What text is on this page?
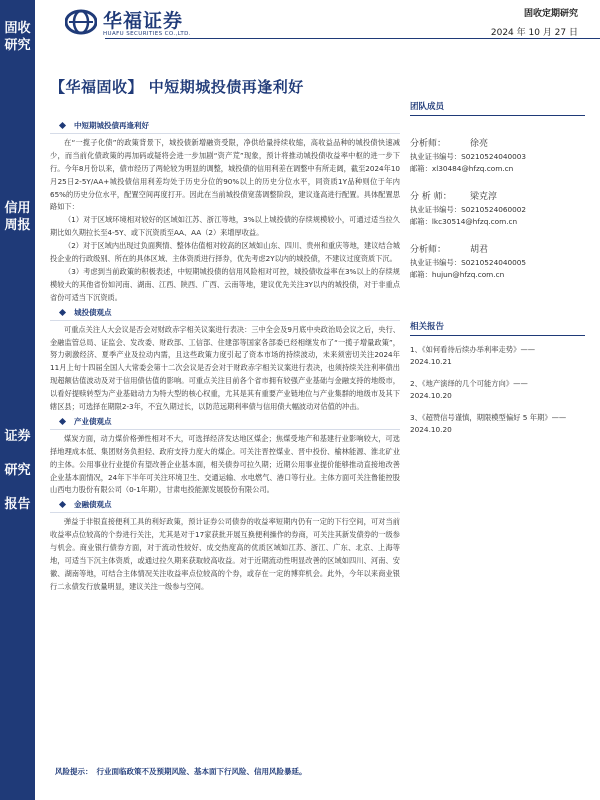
固收研究
信用周报
证券研究报告
华福证券
HUAFU SECURITIES CO.,LTD.
固收定期研究
2024 年 10 月 27 日
【华福固收】 中短期城投债再逢利好
中短期城投债再逢利好

在“一揽子化债”的政策背景下，城投债新增融资受限，净供给量持续收缩，高收益品种的城投债快速减少，而当前化债政策的再加码或疑将会进一步加剧“资产荒”现象，预计将推动城投债收益率中枢的进一步下行。今年8月份以来，债市经历了两轮较为明显的调整，城投债的信用利差在调整中有所走阔，截至2024年10月25日2-5Y/AA+城投债信用利差均处于历史分位的90%以上的历史分位水平，同资质1Y品种则位于年内65%的历史分位水平，配置空间再度打开。因此在当前城投债宽荡调整阶段，建议逢高进行配置。具体配置思路如下：

（1）对于区域环境相对较好的区域如江苏、浙江等地，3%以上城投债的存续规模较小，可通过适当拉久期比如久期拉长至4-5Y、或下沉资质至AA、AA（2）来增厚收益。

（2）对于区域内出现过负面舆情、整体估值相对较高的区域如山东、四川、贵州和重庆等地，建议结合城投企业的行政级别、所在的具体区域、主体资质进行择券，优先考虑2Y以内的城投债，不建议过度资质下沉。

（3）考虑到当前政策的积极表述，中短期城投债的信用风险相对可控，城投债收益率在3%以上的存续规模较大的其他省份如河南、湖南、江西、陕西、广西、云南等地，建议优先关注3Y以内的城投债，对于非重点省份可适当下沉资质。

城投债观点

可重点关注人大会议是否会对财政赤字相关议案进行表决：三中全会及9月底中央政治局会议之后，央行、金融监管总局、证监会、发改委、财政部、工信部、住建部等国家各部委已经相继发布了“一揽子增量政策”，努力刺激经济、夏季产业及拉动内需，且这些政策力度引起了资本市场的持续波动，未来须密切关注2024年11月上旬十四届全国人大常委会第十二次会议是否会对于财政赤字相关议案进行表决，也须持续关注利率债出现超额估值波动及对于信用债估值的影响。可重点关注目前各个省市拥有较强产业基础与金融支持的地级市，以看好提赎转型为产业基础动力为特大型的核心权重，尤其是其有重要产业链地位与产业集群的地级市及其下辖区县；可选择在期限2-3年，不宜久期过长，以防范远期利率债与信用债大幅波动对估值的冲击。

产业债观点

煤炭方面，动力煤价格弹性相对不大，可选择经济发达地区煤企；焦煤受地产和基建行业影响较大，可选择地理成本低、集团财务负担轻、政府支持力度大的煤企。可关注晋控煤业、晋中投份、榆林能源、淮北矿业的主体。公用事业行业提价有望改善企业基本面，相关债券可拉久期；近期公用事业提价能够推动直接地改善企业基本面情况，24年下半年可关注环境卫生、交通运输、水电燃气、港口等行业。主体方面可关注鲁能控股山西电力股份有限公司（0-1年期），甘肃电投能源发展股份有限公司。

金融债观点

弹益于非银直接便利工具的利好政策，预计证券公司债券的收益率短期内仍有一定的下行空间，可对当前收益率点位较高的个券进行关注，尤其是对于17家获批开展互换便利操作的券商，可关注其新发债券的一级参与机会。商业银行债券方面，对于流动性较好、成交热度高的优质区域如江苏、浙江、广东、北京、上海等地，可适当下沉主体资质，或通过拉久期来获取较高收益。对于近期流动性明显改善的区域如四川、河南、安徽、湖南等地，可结合主体情况关注收益率点位较高的个券，或存在一定的博弈机会。此外，今年以来商业银行二永债发行放量明显，建议关注一级参与空间。

团队成员
分析师：	徐亮
执业证书编号：S0210524040003
邮箱：xl30484@hfzq.com.cn
分 析 师： 梁克淳
执业证书编号：S0210524060002
邮箱：lkc30514@hfzq.com.cn
分析师：	胡君
执业证书编号：S0210524040005
邮箱：hujun@hfzq.com.cn
相关报告
1、《如何看待后续办举利率走势》——
2024.10.21
2、《地产演绎的几个可能方向》——
2024.10.20
3、《超赞信号谨慎，期限模型偏好 5 年期》——
2024.10.20
风险提示： 行业面临政策不及预期风险、基本面下行风险、信用风险暴延。
